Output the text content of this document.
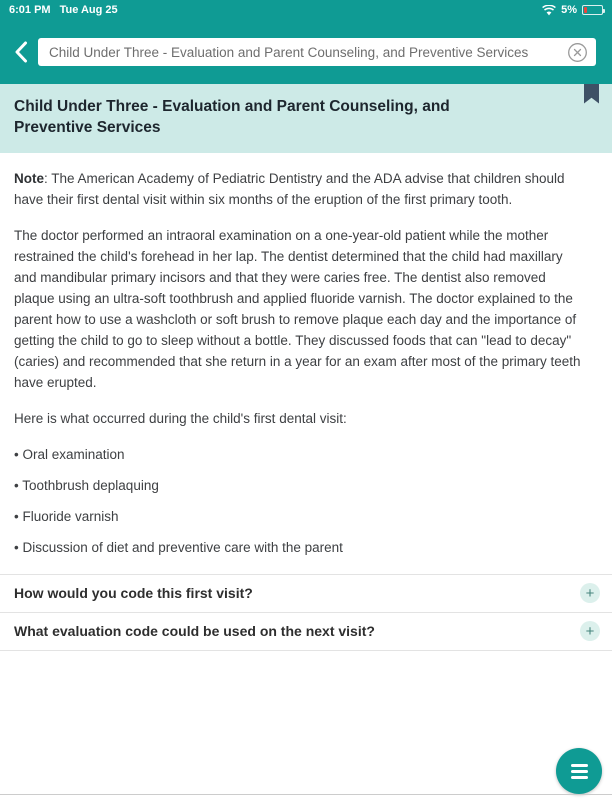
6:01 PM Tue Aug 25	5%
Child Under Three - Evaluation and Parent Counseling, and Preventive Services
Child Under Three - Evaluation and Parent Counseling, and Preventive Services

Note: The American Academy of Pediatric Dentistry and the ADA advise that children should have their first dental visit within six months of the eruption of the first primary tooth.

The doctor performed an intraoral examination on a one-year-old patient while the mother restrained the child's forehead in her lap. The dentist determined that the child had maxillary and mandibular primary incisors and that they were caries free. The dentist also removed plaque using an ultra-soft toothbrush and applied fluoride varnish. The doctor explained to the parent how to use a washcloth or soft brush to remove plaque each day and the importance of getting the child to go to sleep without a bottle. They discussed foods that can "lead to decay" (caries) and recommended that she return in a year for an exam after most of the primary teeth have erupted.

Here is what occurred during the child's first dental visit:

• Oral examination

• Toothbrush deplaquing

• Fluoride varnish

• Discussion of diet and preventive care with the parent

How would you code this first visit?	+
What evaluation code could be used on the next visit?	+
